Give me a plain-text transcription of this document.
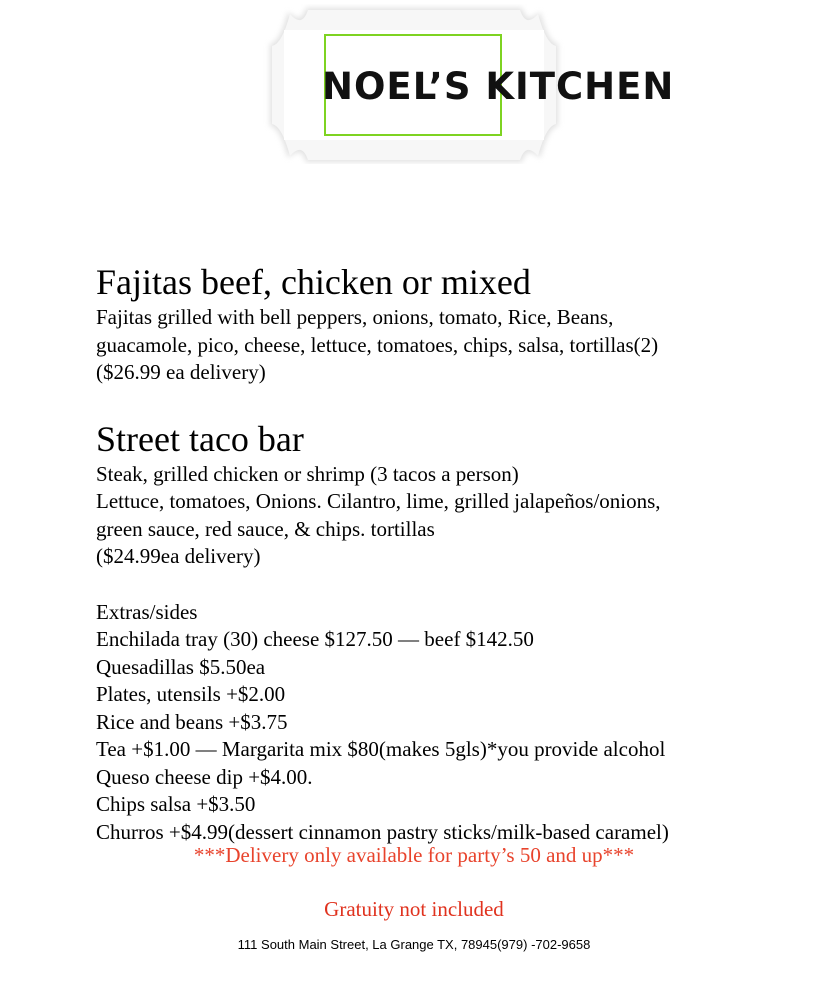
NOEL’S KITCHEN
Fajitas beef, chicken or mixed
Fajitas grilled with bell peppers, onions, tomato, Rice, Beans,
guacamole, pico, cheese, lettuce, tomatoes, chips, salsa, tortillas(2)
($26.99 ea delivery)
Street taco bar
Steak, grilled chicken or shrimp (3 tacos a person)
Lettuce, tomatoes, Onions. Cilantro, lime, grilled jalapeños/onions,
green sauce, red sauce, & chips. tortillas
($24.99ea delivery)
Extras/sides
Enchilada tray (30) cheese $127.50 — beef $142.50
Quesadillas $5.50ea
Plates, utensils +$2.00
Rice and beans +$3.75
Tea +$1.00 — Margarita mix $80(makes 5gls)*you provide alcohol
Queso cheese dip +$4.00.
Chips salsa +$3.50
Churros +$4.99(dessert cinnamon pastry sticks/milk-based caramel)
***Delivery only available for party’s 50 and up***
Gratuity not included
111 South Main Street, La Grange TX, 78945(979) -702-9658
